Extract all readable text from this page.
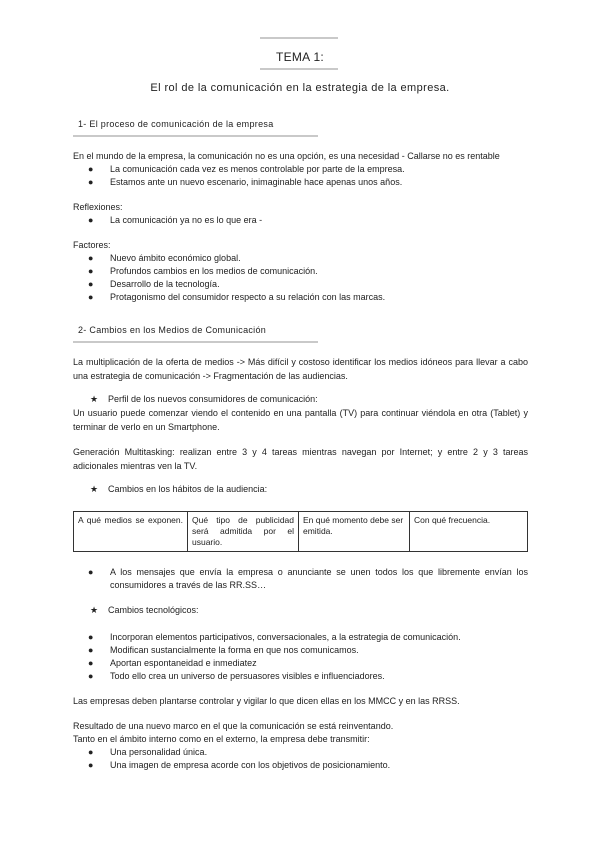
TEMA 1:
El rol de la comunicación en la estrategia de la empresa.
1- El proceso de comunicación de la empresa
En el mundo de la empresa, la comunicación no es una opción, es una necesidad - Callarse no es rentable
● La comunicación cada vez es menos controlable por parte de la empresa.
● Estamos ante un nuevo escenario, inimaginable hace apenas unos años.
Reflexiones:
● La comunicación ya no es lo que era -
Factores:
● Nuevo ámbito económico global.
● Profundos cambios en los medios de comunicación.
● Desarrollo de la tecnología.
● Protagonismo del consumidor respecto a su relación con las marcas.
2- Cambios en los Medios de Comunicación
La multiplicación de la oferta de medios -> Más difícil y costoso identificar los medios idóneos para llevar a cabo una estrategia de comunicación -> Fragmentación de las audiencias.
★ Perfil de los nuevos consumidores de comunicación:
Un usuario puede comenzar viendo el contenido en una pantalla (TV) para continuar viéndola en otra (Tablet) y terminar de verlo en un Smartphone.
Generación Multitasking: realizan entre 3 y 4 tareas mientras navegan por Internet; y entre 2 y 3 tareas adicionales mientras ven la TV.
★ Cambios en los hábitos de la audiencia:
A qué medios se exponen.	Qué tipo de publicidad será admitida por el usuario.	En qué momento debe ser emitida.	Con qué frecuencia.
● A los mensajes que envía la empresa o anunciante se unen todos los que libremente envían los consumidores a través de las RR.SS…
★ Cambios tecnológicos:
● Incorporan elementos participativos, conversacionales, a la estrategia de comunicación.
● Modifican sustancialmente la forma en que nos comunicamos.
● Aportan espontaneidad e inmediatez
● Todo ello crea un universo de persuasores visibles e influenciadores.
Las empresas deben plantarse controlar y vigilar lo que dicen ellas en los MMCC y en las RRSS.
Resultado de una nuevo marco en el que la comunicación se está reinventando.
Tanto en el ámbito interno como en el externo, la empresa debe transmitir:
● Una personalidad única.
● Una imagen de empresa acorde con los objetivos de posicionamiento.
